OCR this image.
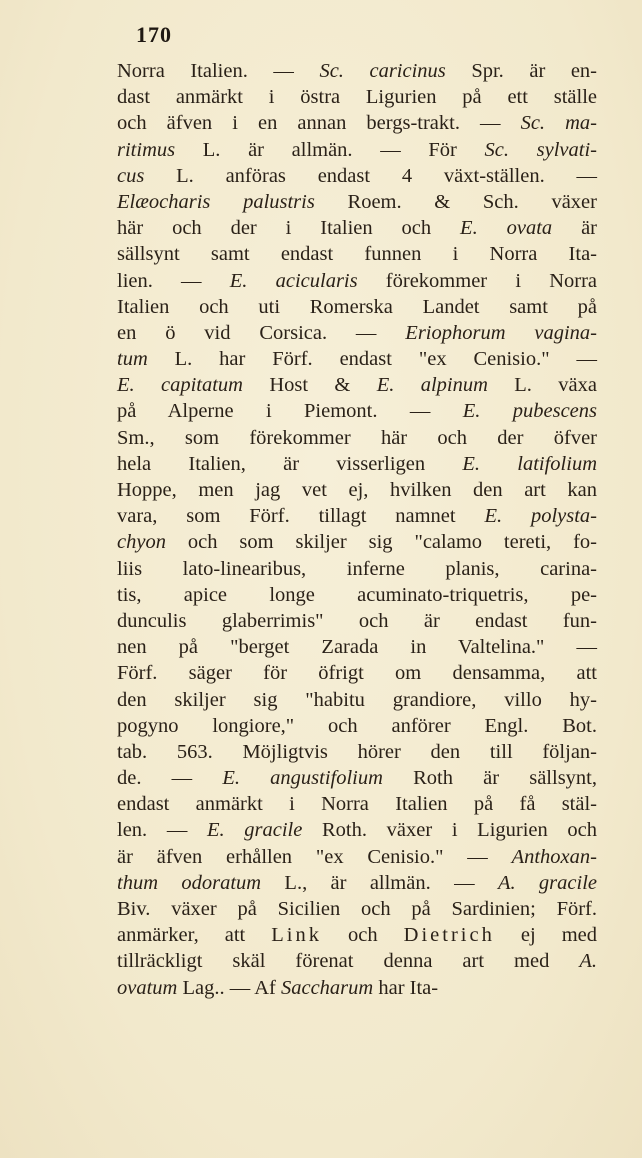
170
Norra Italien. — Sc. caricinus Spr. är en-
dast anmärkt i östra Ligurien på ett ställe
och äfven i en annan bergs-trakt. — Sc. ma-
ritimus L. är allmän. — För Sc. sylvati-
cus L. anföras endast 4 växt-ställen. —
Elæocharis palustris Roem. & Sch. växer
här och der i Italien och E. ovata är
sällsynt samt endast funnen i Norra Ita-
lien. — E. acicularis förekommer i Norra
Italien och uti Romerska Landet samt på
en ö vid Corsica. — Eriophorum vagina-
tum L. har Förf. endast "ex Cenisio." —
E. capitatum Host & E. alpinum L. växa
på Alperne i Piemont. — E. pubescens
Sm., som förekommer här och der öfver
hela Italien, är visserligen E. latifolium
Hoppe, men jag vet ej, hvilken den art kan
vara, som Förf. tillagt namnet E. polysta-
chyon och som skiljer sig "calamo tereti, fo-
liis lato-linearibus, inferne planis, carina-
tis, apice longe acuminato-triquetris, pe-
dunculis glaberrimis" och är endast fun-
nen på "berget Zarada in Valtelina." —
Förf. säger för öfrigt om densamma, att
den skiljer sig "habitu grandiore, villo hy-
pogyno longiore," och anförer Engl. Bot.
tab. 563. Möjligtvis hörer den till följan-
de. — E. angustifolium Roth är sällsynt,
endast anmärkt i Norra Italien på få stäl-
len. — E. gracile Roth. växer i Ligurien och
är äfven erhållen "ex Cenisio." — Anthoxan-
thum odoratum L., är allmän. — A. gracile
Biv. växer på Sicilien och på Sardinien; Förf.
anmärker, att Link och Dietrich ej med
tillräckligt skäl förenat denna art med A.
ovatum Lag.. — Af Saccharum har Ita-
